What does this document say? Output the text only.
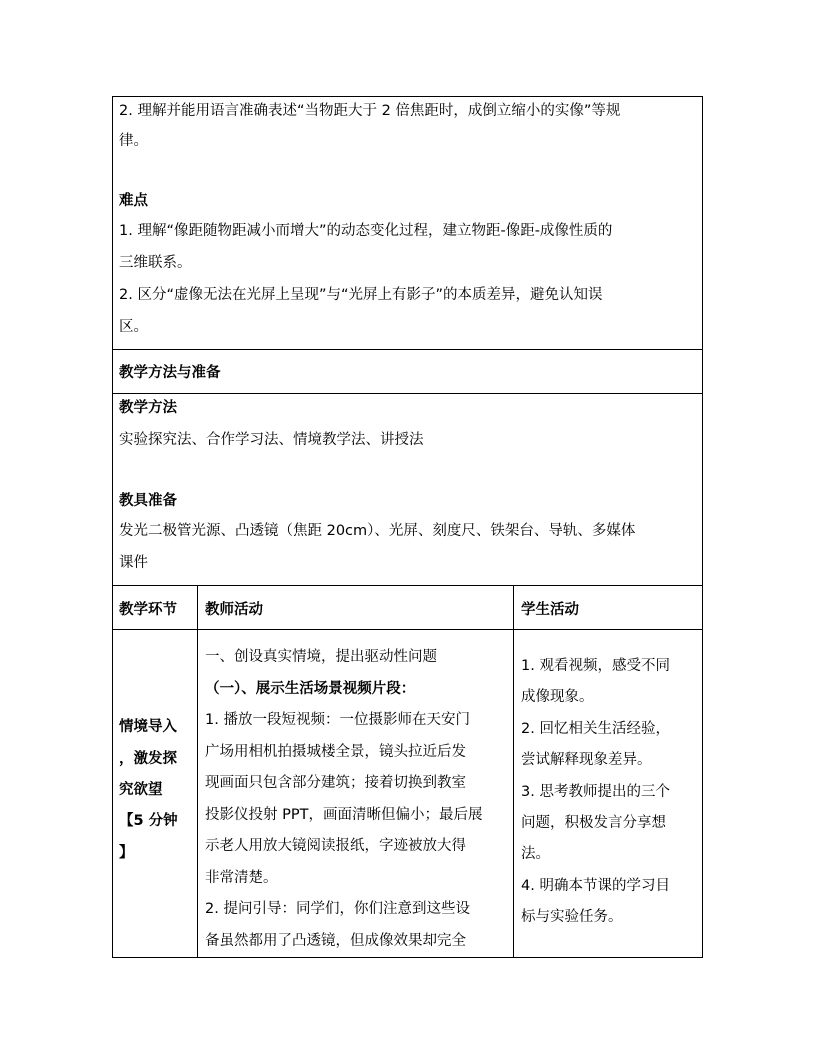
2. 理解并能用语言准确表述“当物距大于 2 倍焦距时，成倒立缩小的实像”等规
律。
难点
1. 理解“像距随物距减小而增大”的动态变化过程，建立物距-像距-成像性质的
三维联系。
2. 区分“虚像无法在光屏上呈现”与“光屏上有影子”的本质差异，避免认知误
区。
教学方法与准备
教学方法
实验探究法、合作学习法、情境教学法、讲授法
教具准备
发光二极管光源、凸透镜（焦距 20cm）、光屏、刻度尺、铁架台、导轨、多媒体
课件
教学环节 教师活动	学生活动
情境导入
，激发探
究欲望
【5 分钟
】
一、创设真实情境，提出驱动性问题
（一）、展示生活场景视频片段：
1. 播放一段短视频：一位摄影师在天安门
广场用相机拍摄城楼全景，镜头拉近后发
现画面只包含部分建筑；接着切换到教室
投影仪投射 PPT，画面清晰但偏小；最后展
示老人用放大镜阅读报纸，字迹被放大得
非常清楚。
2. 提问引导：同学们，你们注意到这些设
备虽然都用了凸透镜，但成像效果却完全
1. 观看视频，感受不同
成像现象。
2. 回忆相关生活经验，
尝试解释现象差异。
3. 思考教师提出的三个
问题，积极发言分享想
法。
4. 明确本节课的学习目
标与实验任务。
